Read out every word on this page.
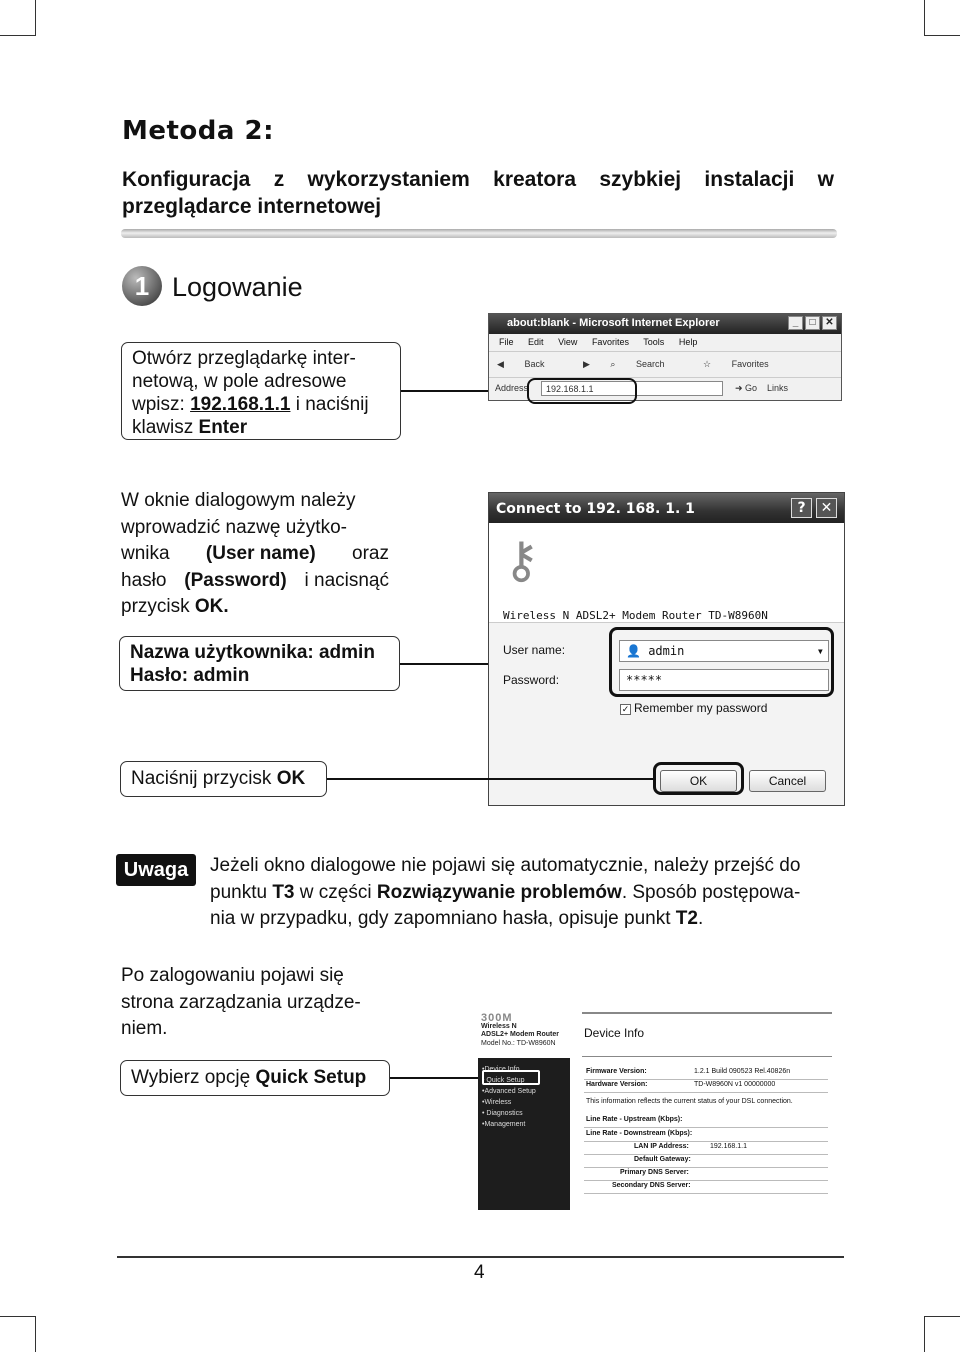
Metoda 2:
Konfiguracja z wykorzystaniem kreatora szybkiej instalacji w przeglądarce internetowej
1 Logowanie
Otwórz przeglądarkę inter-
netową, w pole adresowe
wpisz: 192.168.1.1 i naciśnij
klawisz Enter
about:blank - Microsoft Internet Explorer	_	□ ✕
File Edit View Favorites Tools Help
◀ Back	▶ ⌕ Search	☆ Favorites
Address	192.168.1.1	➜ Go Links
W oknie dialogowym należy
wprowadzić nazwę użytko-
wnika (User name) oraz
hasło (Password) i nacisnąć
przycisk OK.
Nazwa użytkownika: admin
Hasło: admin
Connect to 192. 168. 1. 1	?	✕
⚷
Wireless N ADSL2+ Modem Router TD-W8960N
User name:	👤 admin	▾
Password:	*****
✓ Remember my password
OK	Cancel
Naciśnij przycisk OK
Uwaga	Jeżeli okno dialogowe nie pojawi się automatycznie, należy przejść do
punktu T3 w części Rozwiązywanie problemów. Sposób postępowa-
nia w przypadku, gdy zapomniano hasła, opisuje punkt T2.
Po zalogowaniu pojawi się
strona zarządzania urządze-
niem.
Wybierz opcję Quick Setup
300M
Wireless N
ADSL2+ Modem Router
Model No.: TD-W8960N
•Device Info
• Quick Setup
•Advanced Setup
•Wireless
• Diagnostics
•Management
Device Info
Firmware Version:	1.2.1 Build 090523 Rel.40826n
Hardware Version:	TD-W8960N v1 00000000
This information reflects the current status of your DSL connection.
Line Rate - Upstream (Kbps):
Line Rate - Downstream (Kbps):
LAN IP Address:	192.168.1.1
Default Gateway:
Primary DNS Server:
Secondary DNS Server:
4
